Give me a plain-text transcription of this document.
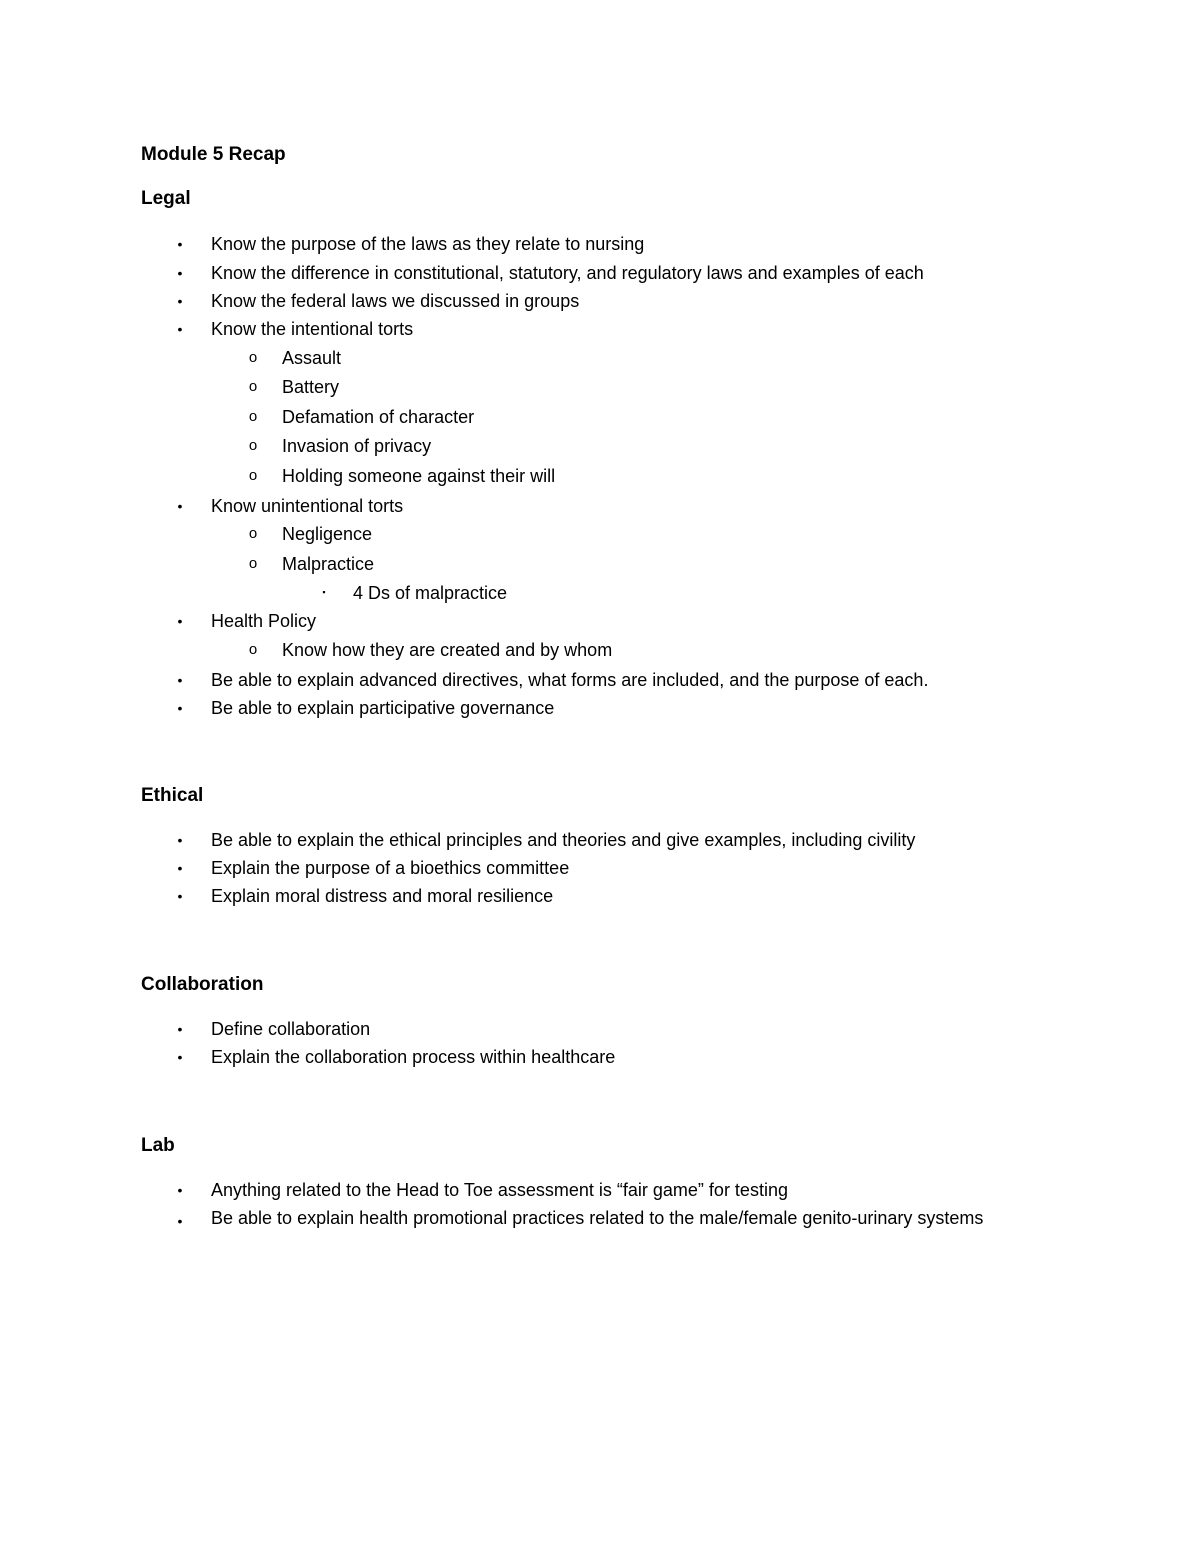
Module 5 Recap
Legal
•	Know the purpose of the laws as they relate to nursing
•	Know the difference in constitutional, statutory, and regulatory laws and examples of each
•	Know the federal laws we discussed in groups
•	Know the intentional torts
o	Assault
o	Battery
o	Defamation of character
o	Invasion of privacy
o	Holding someone against their will
•	Know unintentional torts
o	Negligence
o	Malpractice
▪	4 Ds of malpractice
•	Health Policy
o	Know how they are created and by whom
•	Be able to explain advanced directives, what forms are included, and the purpose of each.
•	Be able to explain participative governance
Ethical
•	Be able to explain the ethical principles and theories and give examples, including civility
•	Explain the purpose of a bioethics committee
•	Explain moral distress and moral resilience
Collaboration
•	Define collaboration
•	Explain the collaboration process within healthcare
Lab
•	Anything related to the Head to Toe assessment is “fair game” for testing
•	Be able to explain health promotional practices related to the male/female genito-urinary systems
